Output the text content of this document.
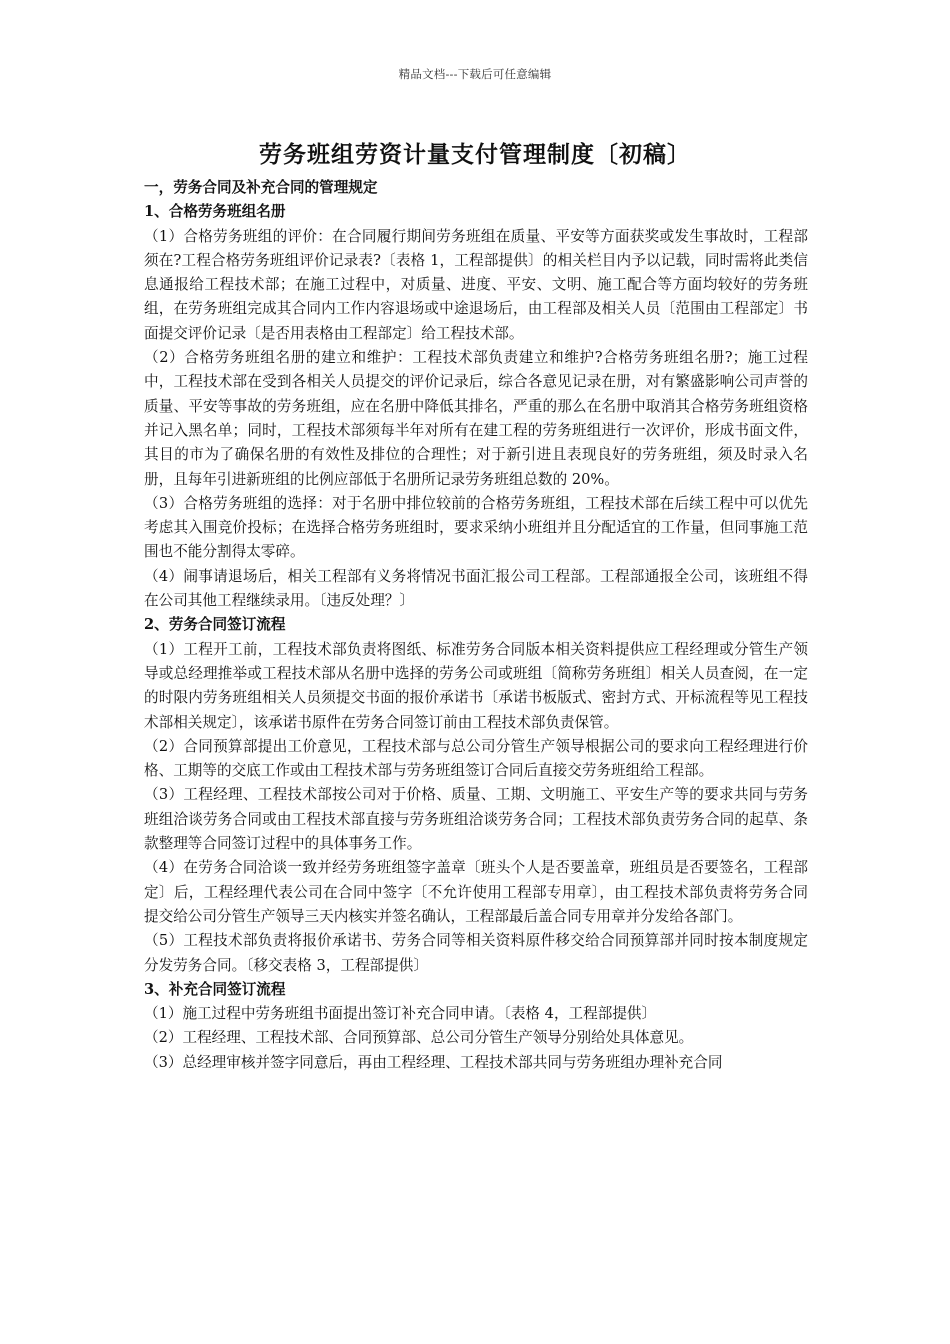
精品文档---下载后可任意编辑
劳务班组劳资计量支付管理制度〔初稿〕

一，劳务合同及补充合同的管理规定

1、合格劳务班组名册

（1）合格劳务班组的评价：在合同履行期间劳务班组在质量、平安等方面获奖或发生事故时，工程部须在?工程合格劳务班组评价记录表?〔表格 1，工程部提供〕的相关栏目内予以记载，同时需将此类信息通报给工程技术部；在施工过程中，对质量、进度、平安、文明、施工配合等方面均较好的劳务班组，在劳务班组完成其合同内工作内容退场或中途退场后，由工程部及相关人员〔范围由工程部定〕书面提交评价记录〔是否用表格由工程部定〕给工程技术部。

（2）合格劳务班组名册的建立和维护：工程技术部负责建立和维护?合格劳务班组名册?；施工过程中，工程技术部在受到各相关人员提交的评价记录后，综合各意见记录在册，对有繁盛影响公司声誉的质量、平安等事故的劳务班组，应在名册中降低其排名，严重的那么在名册中取消其合格劳务班组资格并记入黑名单；同时，工程技术部须每半年对所有在建工程的劳务班组进行一次评价，形成书面文件，其目的市为了确保名册的有效性及排位的合理性；对于新引进且表现良好的劳务班组，须及时录入名册，且每年引进新班组的比例应部低于名册所记录劳务班组总数的 20%。

（3）合格劳务班组的选择：对于名册中排位较前的合格劳务班组，工程技术部在后续工程中可以优先考虑其入围竞价投标；在选择合格劳务班组时，要求采纳小班组并且分配适宜的工作量，但同事施工范围也不能分割得太零碎。

（4）闹事请退场后，相关工程部有义务将情况书面汇报公司工程部。工程部通报全公司，该班组不得在公司其他工程继续录用。〔违反处理？〕

2、劳务合同签订流程

（1）工程开工前，工程技术部负责将图纸、标准劳务合同版本相关资料提供应工程经理或分管生产领导或总经理推举或工程技术部从名册中选择的劳务公司或班组〔简称劳务班组〕相关人员查阅，在一定的时限内劳务班组相关人员须提交书面的报价承诺书〔承诺书板版式、密封方式、开标流程等见工程技术部相关规定〕，该承诺书原件在劳务合同签订前由工程技术部负责保管。

（2）合同预算部提出工价意见，工程技术部与总公司分管生产领导根据公司的要求向工程经理进行价格、工期等的交底工作或由工程技术部与劳务班组签订合同后直接交劳务班组给工程部。

（3）工程经理、工程技术部按公司对于价格、质量、工期、文明施工、平安生产等的要求共同与劳务班组洽谈劳务合同或由工程技术部直接与劳务班组洽谈劳务合同；工程技术部负责劳务合同的起草、条款整理等合同签订过程中的具体事务工作。

（4）在劳务合同洽谈一致并经劳务班组签字盖章〔班头个人是否要盖章，班组员是否要签名，工程部定〕后，工程经理代表公司在合同中签字〔不允许使用工程部专用章〕，由工程技术部负责将劳务合同提交给公司分管生产领导三天内核实并签名确认，工程部最后盖合同专用章并分发给各部门。

（5）工程技术部负责将报价承诺书、劳务合同等相关资料原件移交给合同预算部并同时按本制度规定分发劳务合同。〔移交表格 3，工程部提供〕

3、补充合同签订流程

（1）施工过程中劳务班组书面提出签订补充合同申请。〔表格 4，工程部提供〕

（2）工程经理、工程技术部、合同预算部、总公司分管生产领导分别给处具体意见。

（3）总经理审核并签字同意后，再由工程经理、工程技术部共同与劳务班组办理补充合同
